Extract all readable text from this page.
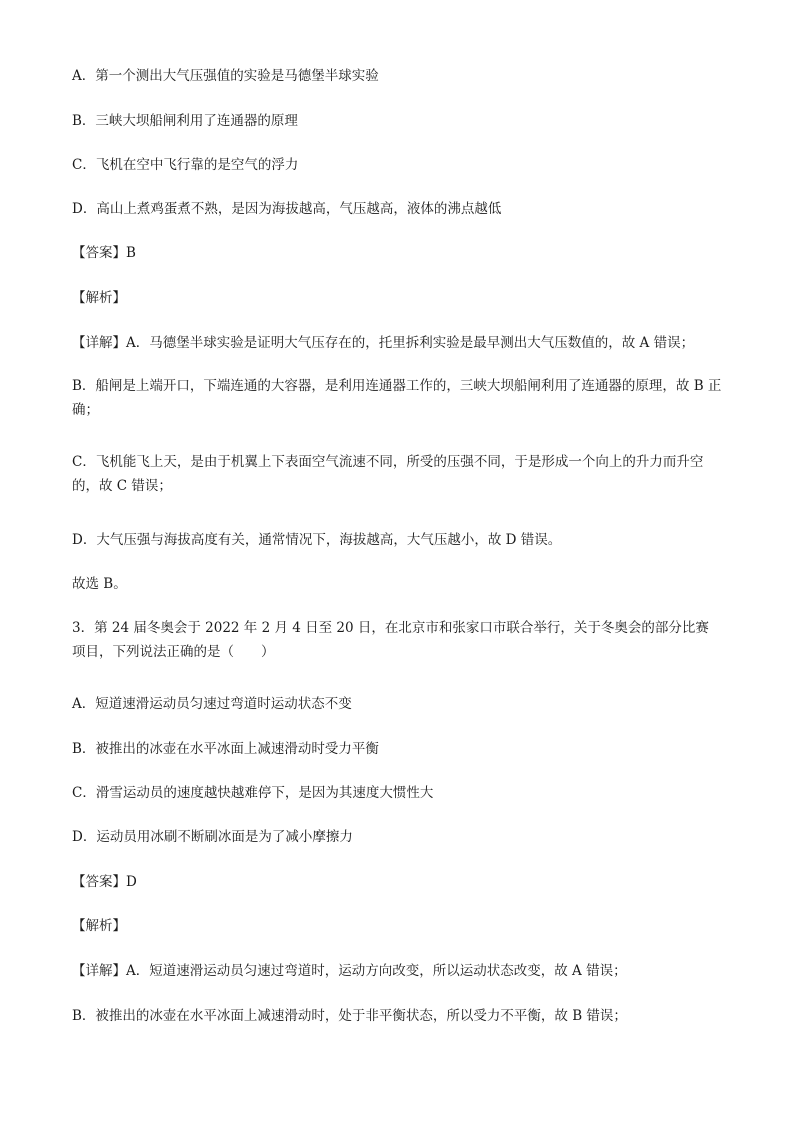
A．第一个测出大气压强值的实验是马德堡半球实验
B．三峡大坝船闸利用了连通器的原理
C．飞机在空中飞行靠的是空气的浮力
D．高山上煮鸡蛋煮不熟，是因为海拔越高，气压越高，液体的沸点越低
【答案】B
【解析】
【详解】A．马德堡半球实验是证明大气压存在的，托里拆利实验是最早测出大气压数值的，故 A 错误；
B．船闸是上端开口，下端连通的大容器，是利用连通器工作的，三峡大坝船闸利用了连通器的原理，故 B 正确；
C．飞机能飞上天，是由于机翼上下表面空气流速不同，所受的压强不同，于是形成一个向上的升力而升空的，故 C 错误；
D．大气压强与海拔高度有关，通常情况下，海拔越高，大气压越小，故 D 错误。
故选 B。
3．第 24 届冬奥会于 2022 年 2 月 4 日至 20 日，在北京市和张家口市联合举行，关于冬奥会的部分比赛项目，下列说法正确的是（　　）
A．短道速滑运动员匀速过弯道时运动状态不变
B．被推出的冰壶在水平冰面上减速滑动时受力平衡
C．滑雪运动员的速度越快越难停下，是因为其速度大惯性大
D．运动员用冰刷不断刷冰面是为了减小摩擦力
【答案】D
【解析】
【详解】A．短道速滑运动员匀速过弯道时，运动方向改变，所以运动状态改变，故 A 错误；
B．被推出的冰壶在水平冰面上减速滑动时，处于非平衡状态，所以受力不平衡，故 B 错误；
